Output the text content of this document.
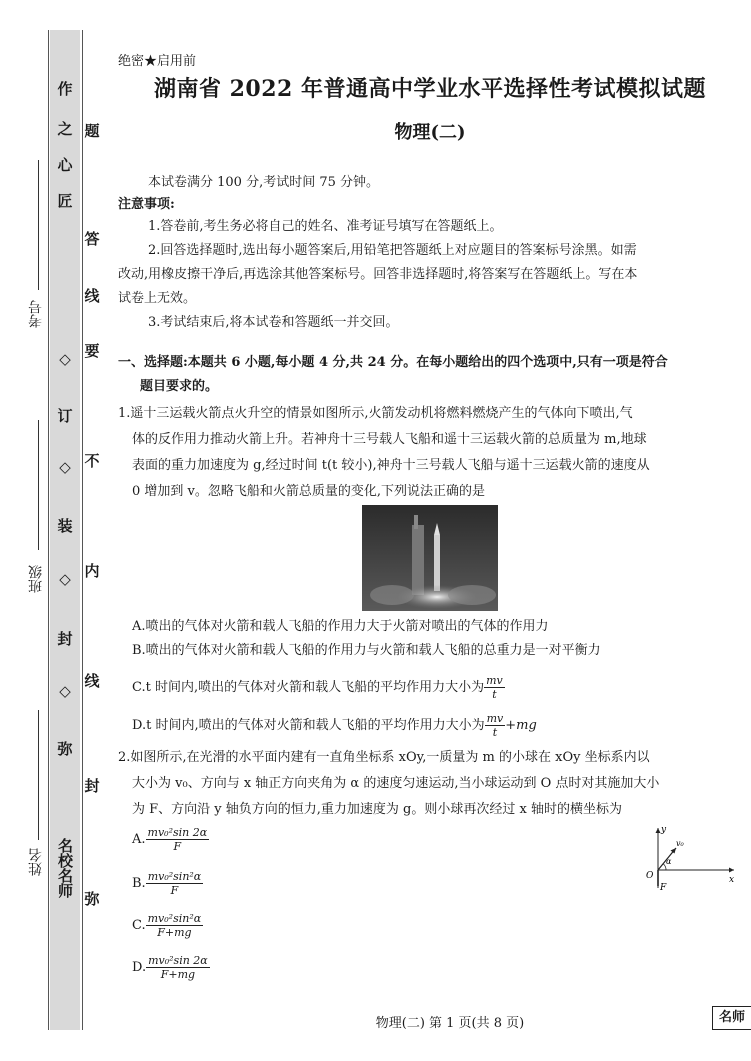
作
之
心
匠
◇
订
◇
装
◇
封
◇
弥
题
答
线
要
不
内
线
封
考号
班级
姓名 名校名师
弥
绝密★启用前
湖南省 2022 年普通高中学业水平选择性考试模拟试题
物理(二)
本试卷满分 100 分,考试时间 75 分钟。
注意事项:
1.答卷前,考生务必将自己的姓名、准考证号填写在答题纸上。
2.回答选择题时,选出每小题答案后,用铅笔把答题纸上对应题目的答案标号涂黑。如需
改动,用橡皮擦干净后,再选涂其他答案标号。回答非选择题时,将答案写在答题纸上。写在本
试卷上无效。
3.考试结束后,将本试卷和答题纸一并交回。
一、选择题:本题共 6 小题,每小题 4 分,共 24 分。在每小题给出的四个选项中,只有一项是符合
题目要求的。
1.遥十三运载火箭点火升空的情景如图所示,火箭发动机将燃料燃烧产生的气体向下喷出,气
体的反作用力推动火箭上升。若神舟十三号载人飞船和遥十三运载火箭的总质量为 m,地球
表面的重力加速度为 g,经过时间 t(t 较小),神舟十三号载人飞船与遥十三运载火箭的速度从
0 增加到 v。忽略飞船和火箭总质量的变化,下列说法正确的是
A.喷出的气体对火箭和载人飞船的作用力大于火箭对喷出的气体的作用力
B.喷出的气体对火箭和载人飞船的作用力与火箭和载人飞船的总重力是一对平衡力
C.t 时间内,喷出的气体对火箭和载人飞船的平均作用力大小为 $\frac{mv}{t}$
D.t 时间内,喷出的气体对火箭和载人飞船的平均作用力大小为 $\frac{mv}{t} +mg$
2.如图所示,在光滑的水平面内建有一直角坐标系 xOy,一质量为 m 的小球在 xOy 坐标系内以
大小为 v₀、方向与 x 轴正方向夹角为 α 的速度匀速运动,当小球运动到 O 点时对其施加大小
为 F、方向沿 y 轴负方向的恒力,重力加速度为 g。则小球再次经过 x 轴时的横坐标为
A. $\frac{\text{mv₀²sin 2α}}{F}$
B. $\frac{\text{mv₀²sin²α}}{F}$
C. $\frac{\text{mv₀²sin²α}}{F+mg}$
D. $\frac{\text{mv₀²sin 2α}}{F+mg}$
y
v₀
α
O	x
F
物理(二) 第 1 页(共 8 页)	名师
